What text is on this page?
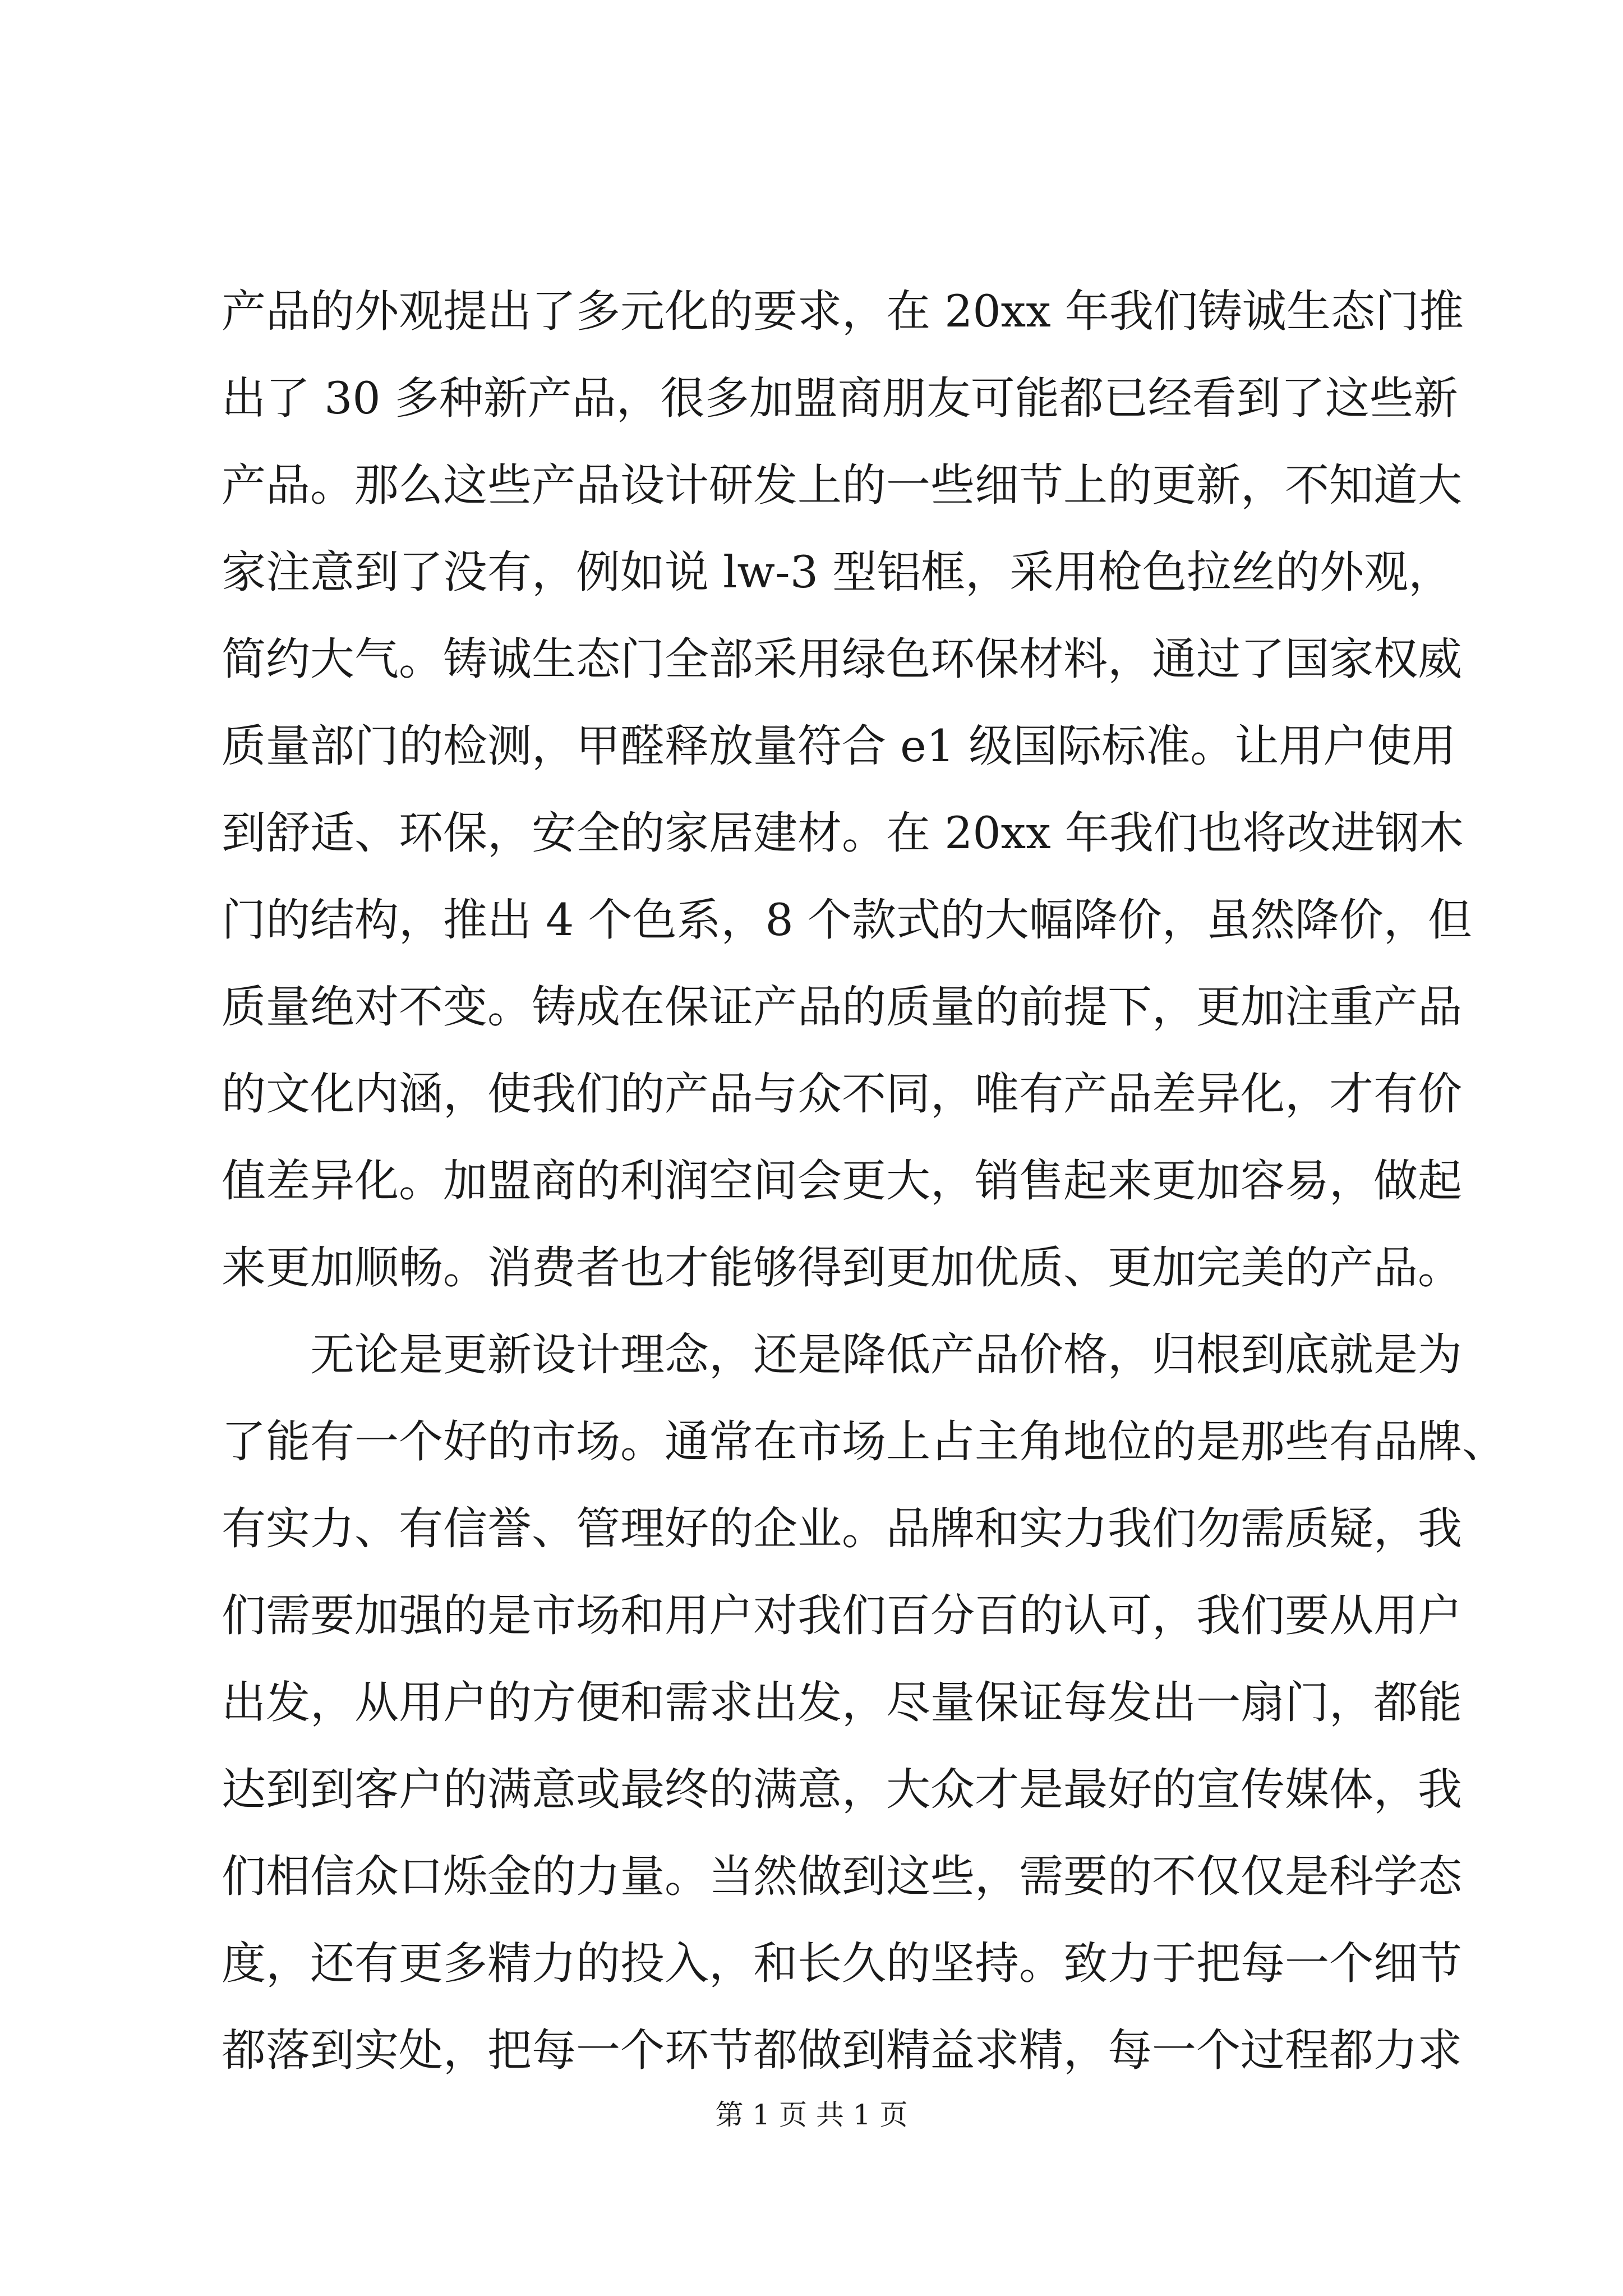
产品的外观提出了多元化的要求，在 20xx 年我们铸诚生态门推
出了 30 多种新产品，很多加盟商朋友可能都已经看到了这些新
产品。那么这些产品设计研发上的一些细节上的更新，不知道大
家注意到了没有，例如说 lw-3 型铝框，采用枪色拉丝的外观，
简约大气。铸诚生态门全部采用绿色环保材料，通过了国家权威
质量部门的检测，甲醛释放量符合 e1 级国际标准。让用户使用
到舒适、环保，安全的家居建材。在 20xx 年我们也将改进钢木
门的结构，推出 4 个色系，8 个款式的大幅降价，虽然降价，但
质量绝对不变。铸成在保证产品的质量的前提下，更加注重产品
的文化内涵，使我们的产品与众不同，唯有产品差异化，才有价
值差异化。加盟商的利润空间会更大，销售起来更加容易，做起
来更加顺畅。消费者也才能够得到更加优质、更加完美的产品。
无论是更新设计理念，还是降低产品价格，归根到底就是为
了能有一个好的市场。通常在市场上占主角地位的是那些有品牌、
有实力、有信誉、管理好的企业。品牌和实力我们勿需质疑，我
们需要加强的是市场和用户对我们百分百的认可，我们要从用户
出发，从用户的方便和需求出发，尽量保证每发出一扇门，都能
达到到客户的满意或最终的满意，大众才是最好的宣传媒体，我
们相信众口烁金的力量。当然做到这些，需要的不仅仅是科学态
度，还有更多精力的投入，和长久的坚持。致力于把每一个细节
都落到实处，把每一个环节都做到精益求精，每一个过程都力求
第 1 页 共 1 页
